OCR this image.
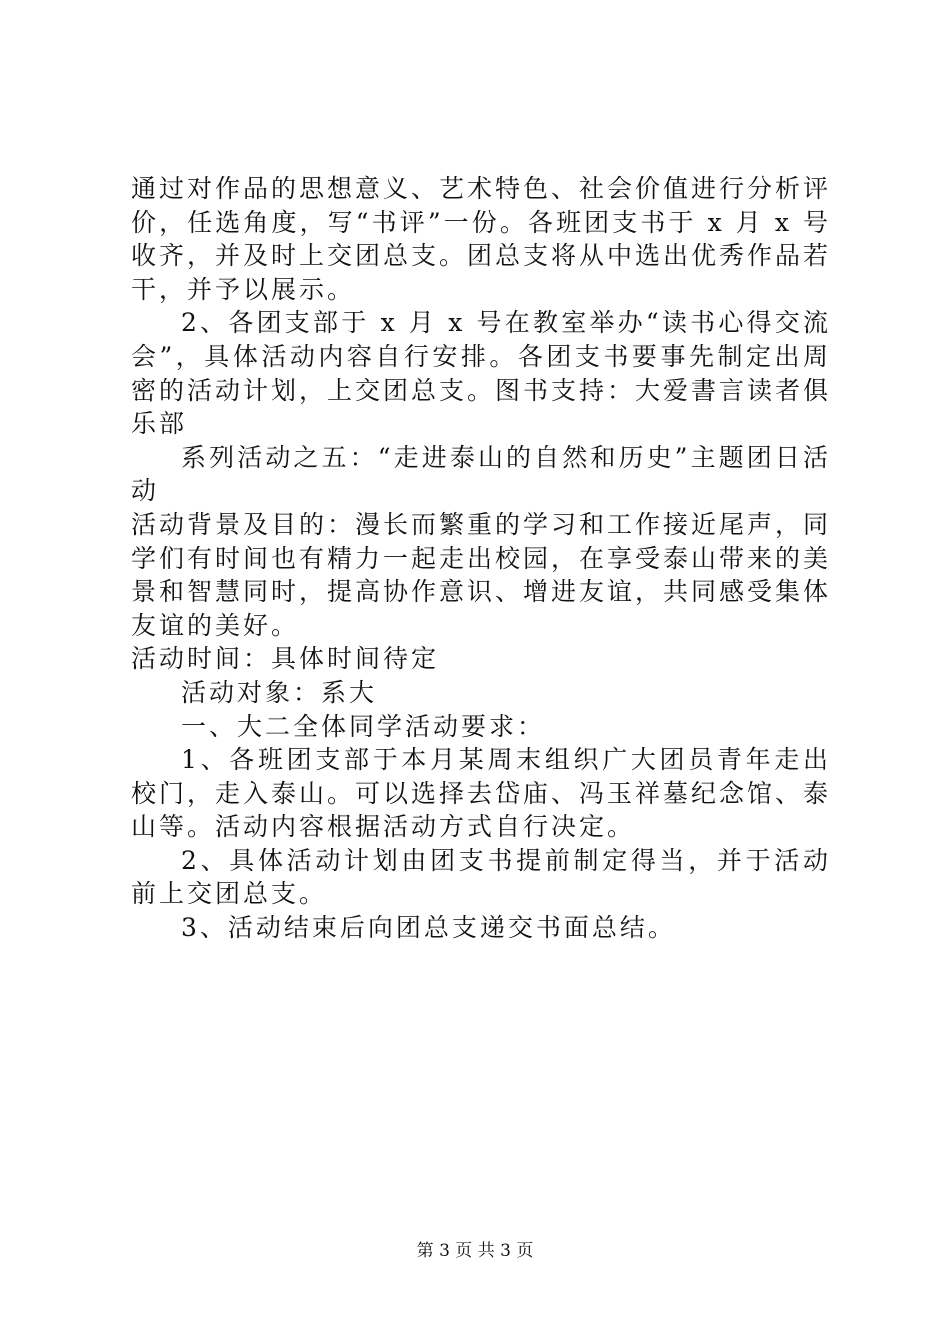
通过对作品的思想意义、艺术特色、社会价值进行分析评价，任选角度，写“书评”一份。各班团支书于 x 月 x 号收齐，并及时上交团总支。团总支将从中选出优秀作品若干，并予以展示。

2、各团支部于 x 月 x 号在教室举办“读书心得交流会”，具体活动内容自行安排。各团支书要事先制定出周密的活动计划，上交团总支。图书支持：大爱書言读者俱乐部

系列活动之五：“走进泰山的自然和历史”主题团日活动

活动背景及目的：漫长而繁重的学习和工作接近尾声，同学们有时间也有精力一起走出校园，在享受泰山带来的美景和智慧同时，提高协作意识、增进友谊，共同感受集体友谊的美好。

活动时间：具体时间待定

活动对象：系大

一、大二全体同学活动要求：

1、各班团支部于本月某周末组织广大团员青年走出校门，走入泰山。可以选择去岱庙、冯玉祥墓纪念馆、泰山等。活动内容根据活动方式自行决定。

2、具体活动计划由团支书提前制定得当，并于活动前上交团总支。

3、活动结束后向团总支递交书面总结。

第 3 页 共 3 页
